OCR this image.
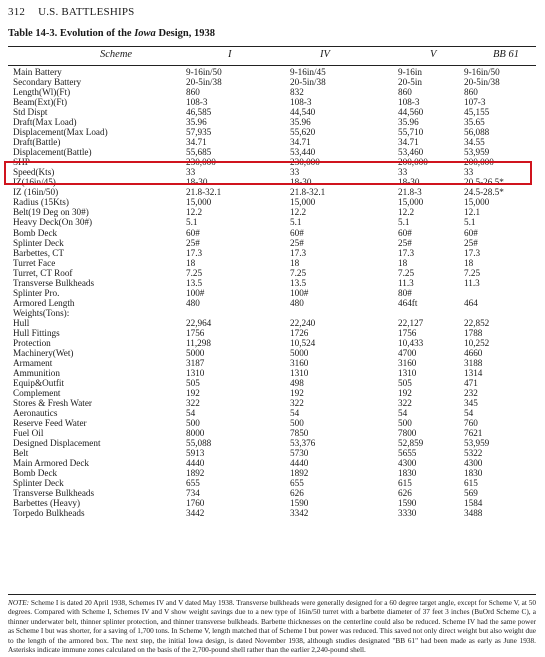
312 U.S. BATTLESHIPS
Table 14-3. Evolution of the Iowa Design, 1938
Scheme	I	IV	V	BB 61
Main Battery	9-16in/50	9-16in/45	9-16in	9-16in/50
Secondary Battery	20-5in/38	20-5in/38	20-5in	20-5in/38
Length(Wl)(Ft)	860	832	860	860
Beam(Ext)(Ft)	108-3	108-3	108-3	107-3
Std Dispt	46,585	44,540	44,560	45,155
Draft(Max Load)	35.96	35.96	35.96	35.65
Displacement(Max Load)	57,935	55,620	55,710	56,088
Draft(Battle)	34.71	34.71	34.71	34.55
Displacement(Battle)	55,685	53,440	53,460	53,959
SHP	230,000	230,000	200,000	200,000
Speed(Kts)	33	33	33	33
IZ(16in/45)	18-30	18-30	18-30	20.5-26.5*
IZ (16in/50)	21.8-32.1	21.8-32.1	21.8-3	24.5-28.5*
Radius (15Kts)	15,000	15,000	15,000	15,000
Belt(19 Deg on 30#)	12.2	12.2	12.2	12.1
Heavy Deck(On 30#)	5.1	5.1	5.1	5.1
Bomb Deck	60#	60#	60#	60#
Splinter Deck	25#	25#	25#	25#
Barbettes, CT	17.3	17.3	17.3	17.3
Turret Face	18	18	18	18
Turret, CT Roof	7.25	7.25	7.25	7.25
Transverse Bulkheads	13.5	13.5	11.3	11.3
Splinter Pro.	100#	100#	80#
Armored Length	480	480	464ft	464
Weights(Tons):
Hull	22,964	22,240	22,127	22,852
Hull Fittings	1756	1726	1756	1788
Protection	11,298	10,524	10,433	10,252
Machinery(Wet)	5000	5000	4700	4660
Armament	3187	3160	3160	3188
Ammunition	1310	1310	1310	1314
Equip&Outfit	505	498	505	471
Complement	192	192	192	232
Stores & Fresh Water	322	322	322	345
Aeronautics	54	54	54	54
Reserve Feed Water	500	500	500	760
Fuel Oil	8000	7850	7800	7621
Designed Displacement	55,088	53,376	52,859	53,959
Belt	5913	5730	5655	5322
Main Armored Deck	4440	4440	4300	4300
Bomb Deck	1892	1892	1830	1830
Splinter Deck	655	655	615	615
Transverse Bulkheads	734	626	626	569
Barbettes (Heavy)	1760	1590	1590	1584
Torpedo Bulkheads	3442	3342	3330	3488
NOTE: Scheme I is dated 20 April 1938, Schemes IV and V dated May 1938. Transverse bulkheads were generally designed for a 60 degree target angle, except for Scheme V, at 50 degrees. Compared with Scheme I, Schemes IV and V show weight savings due to a new type of 16in/50 turret with a barbette diameter of 37 feet 3 inches (BuOrd Scheme C), a thinner underwater belt, thinner splinter protection, and thinner transverse bulkheads. Barbette thicknesses on the centerline could also be reduced. Scheme IV had the same power as Scheme I but was shorter, for a saving of 1,700 tons. In Scheme V, length matched that of Scheme I but power was reduced. This saved not only direct weight but also weight due to the length of the armored box. The next step, the initial Iowa design, is dated November 1938, although studies designated "BB 61" had been made as early as June 1938. Asterisks indicate immune zones calculated on the basis of the 2,700-pound shell rather than the earlier 2,240-pound shell.
